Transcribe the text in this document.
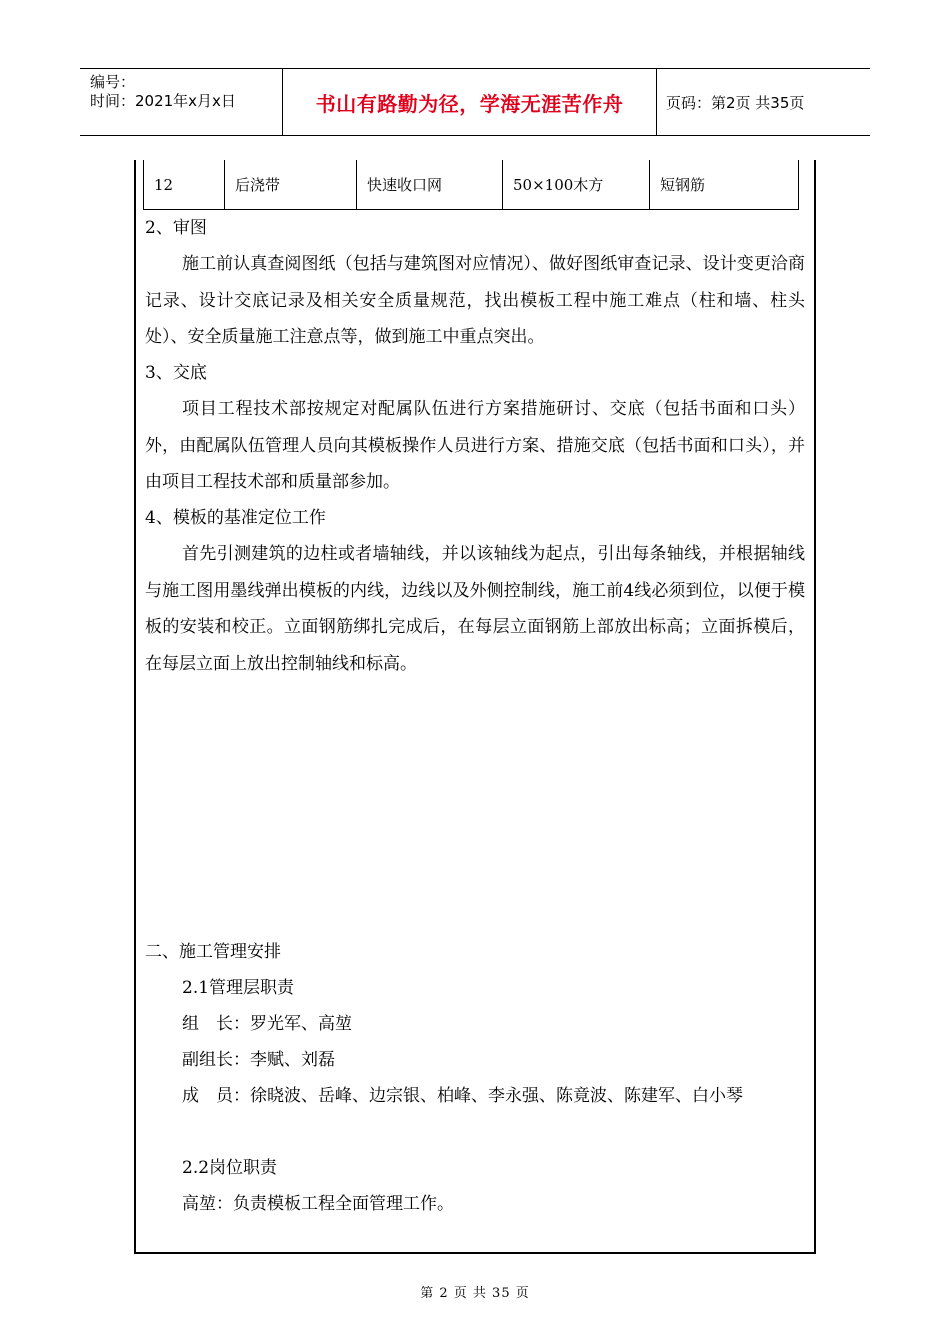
编号：
时间：2021年x月x日	书山有路勤为径，学海无涯苦作舟	页码：第2页 共35页
12	后浇带	快速收口网	50×100木方	短钢筋

2、审图

施工前认真查阅图纸（包括与建筑图对应情况）、做好图纸审查记录、设计变更洽商记录、设计交底记录及相关安全质量规范，找出模板工程中施工难点（柱和墙、柱头处）、安全质量施工注意点等，做到施工中重点突出。

3、交底

项目工程技术部按规定对配属队伍进行方案措施研讨、交底（包括书面和口头）外，由配属队伍管理人员向其模板操作人员进行方案、措施交底（包括书面和口头），并由项目工程技术部和质量部参加。

4、模板的基准定位工作

首先引测建筑的边柱或者墙轴线，并以该轴线为起点，引出每条轴线，并根据轴线与施工图用墨线弹出模板的内线，边线以及外侧控制线，施工前4线必须到位，以便于模板的安装和校正。立面钢筋绑扎完成后，在每层立面钢筋上部放出标高；立面拆模后，在每层立面上放出控制轴线和标高。

二、施工管理安排

2.1管理层职责

组　长：罗光军、高堃

副组长：李赋、刘磊

成　员：徐晓波、岳峰、边宗银、柏峰、李永强、陈竟波、陈建军、白小琴

2.2岗位职责

高堃：负责模板工程全面管理工作。

第 2 页 共 35 页
